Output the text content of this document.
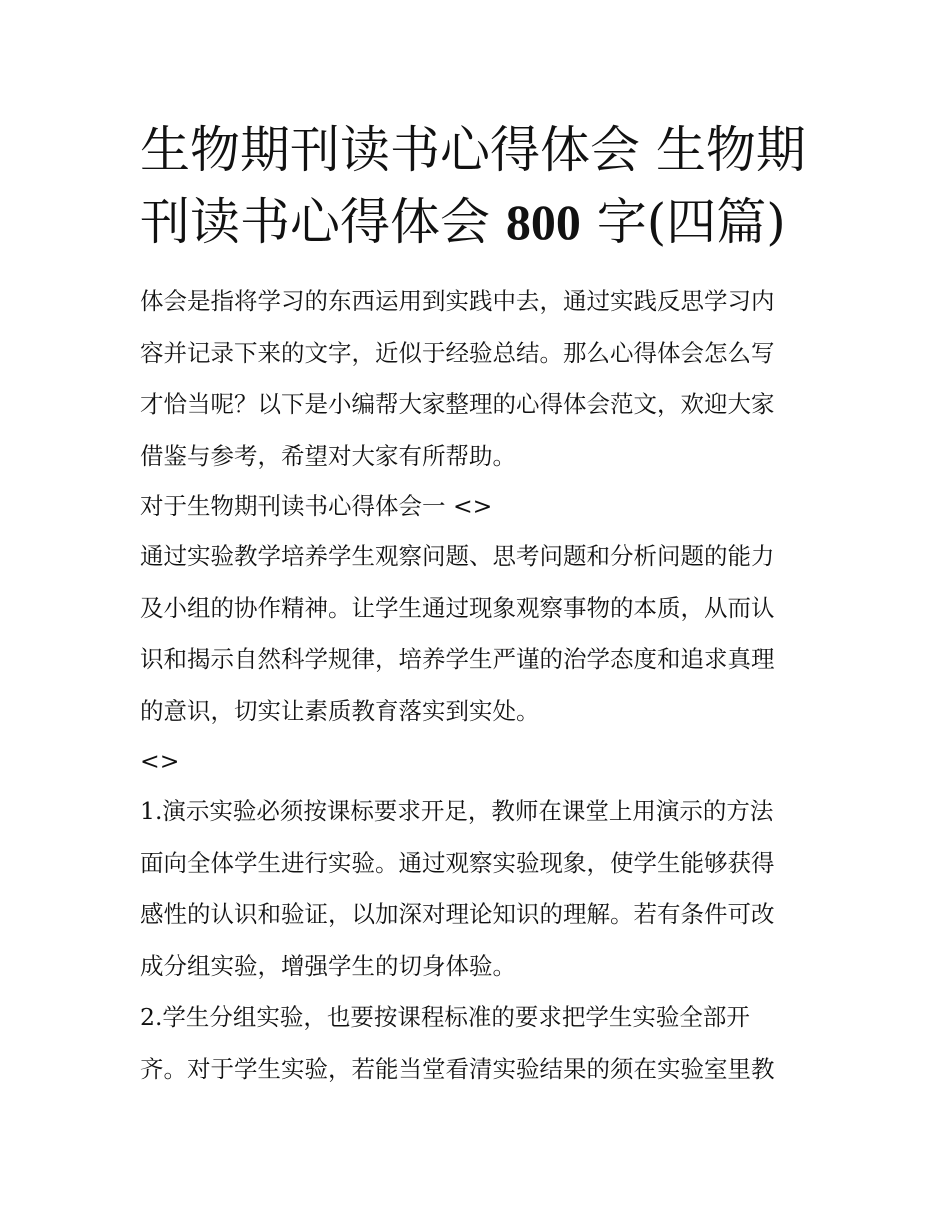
生物期刊读书心得体会 生物期
刊读书心得体会 800 字(四篇)

体会是指将学习的东西运用到实践中去，通过实践反思学习内
容并记录下来的文字，近似于经验总结。那么心得体会怎么写
才恰当呢？以下是小编帮大家整理的心得体会范文，欢迎大家
借鉴与参考，希望对大家有所帮助。

对于生物期刊读书心得体会一 <>

通过实验教学培养学生观察问题、思考问题和分析问题的能力
及小组的协作精神。让学生通过现象观察事物的本质，从而认
识和揭示自然科学规律，培养学生严谨的治学态度和追求真理
的意识，切实让素质教育落实到实处。

<>

1.演示实验必须按课标要求开足，教师在课堂上用演示的方法
面向全体学生进行实验。通过观察实验现象，使学生能够获得
感性的认识和验证，以加深对理论知识的理解。若有条件可改
成分组实验，增强学生的切身体验。

2.学生分组实验，也要按课程标准的要求把学生实验全部开
齐。对于学生实验，若能当堂看清实验结果的须在实验室里教
